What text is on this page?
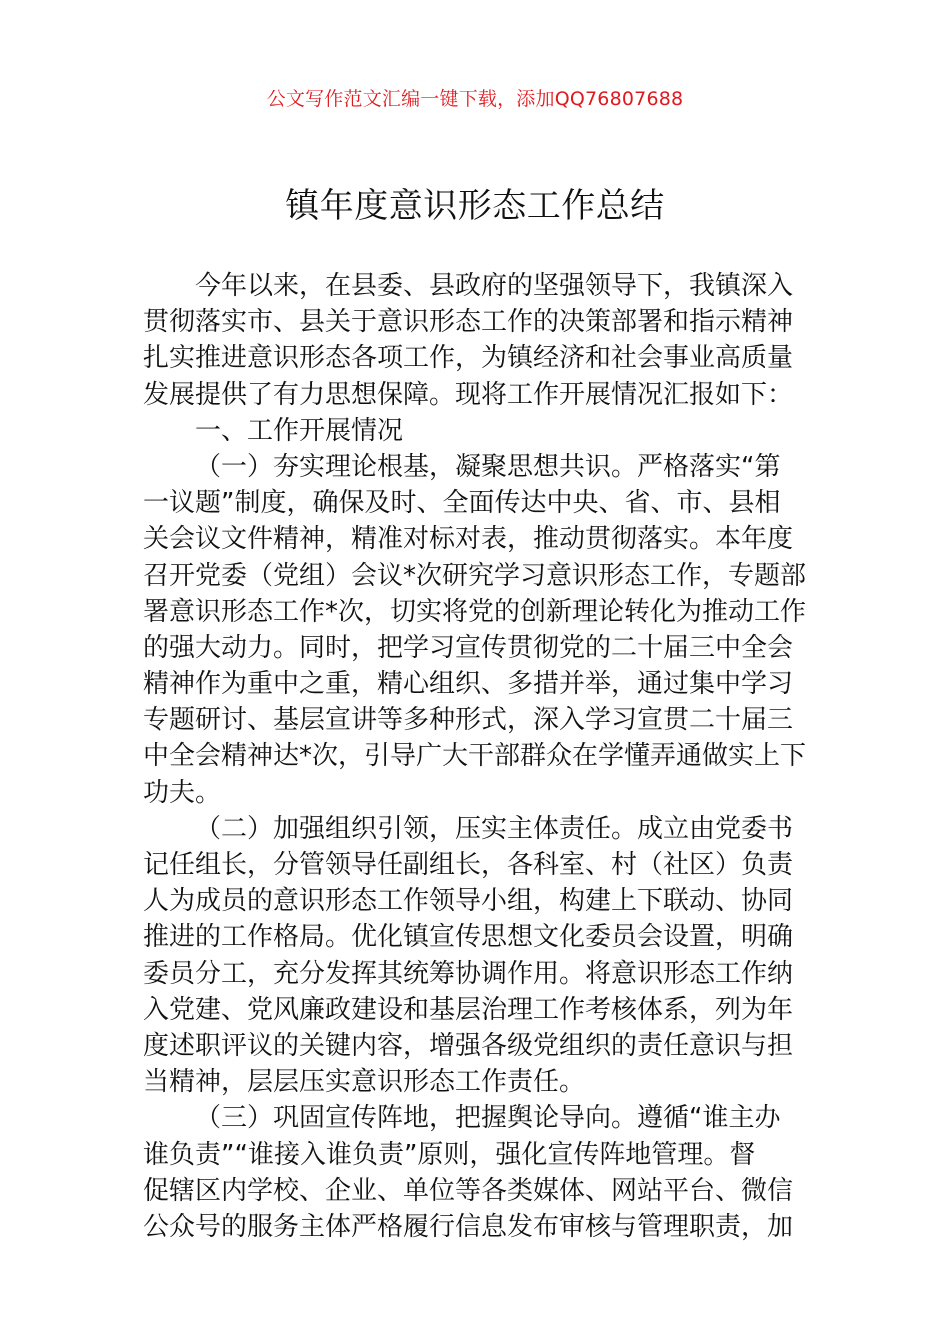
公文写作范文汇编一键下载，添加QQ76807688
镇年度意识形态工作总结
今年以来，在县委、县政府的坚强领导下，我镇深入
贯彻落实市、县关于意识形态工作的决策部署和指示精神
扎实推进意识形态各项工作，为镇经济和社会事业高质量
发展提供了有力思想保障。现将工作开展情况汇报如下：
一、工作开展情况
（一）夯实理论根基，凝聚思想共识。严格落实“第
一议题”制度，确保及时、全面传达中央、省、市、县相
关会议文件精神，精准对标对表，推动贯彻落实。本年度
召开党委（党组）会议*次研究学习意识形态工作，专题部
署意识形态工作*次，切实将党的创新理论转化为推动工作
的强大动力。同时，把学习宣传贯彻党的二十届三中全会
精神作为重中之重，精心组织、多措并举，通过集中学习
专题研讨、基层宣讲等多种形式，深入学习宣贯二十届三
中全会精神达*次，引导广大干部群众在学懂弄通做实上下
功夫。
（二）加强组织引领，压实主体责任。成立由党委书
记任组长，分管领导任副组长，各科室、村（社区）负责
人为成员的意识形态工作领导小组，构建上下联动、协同
推进的工作格局。优化镇宣传思想文化委员会设置，明确
委员分工，充分发挥其统筹协调作用。将意识形态工作纳
入党建、党风廉政建设和基层治理工作考核体系，列为年
度述职评议的关键内容，增强各级党组织的责任意识与担
当精神，层层压实意识形态工作责任。
（三）巩固宣传阵地，把握舆论导向。遵循“谁主办
谁负责”“谁接入谁负责”原则，强化宣传阵地管理。督
促辖区内学校、企业、单位等各类媒体、网站平台、微信
公众号的服务主体严格履行信息发布审核与管理职责，加
